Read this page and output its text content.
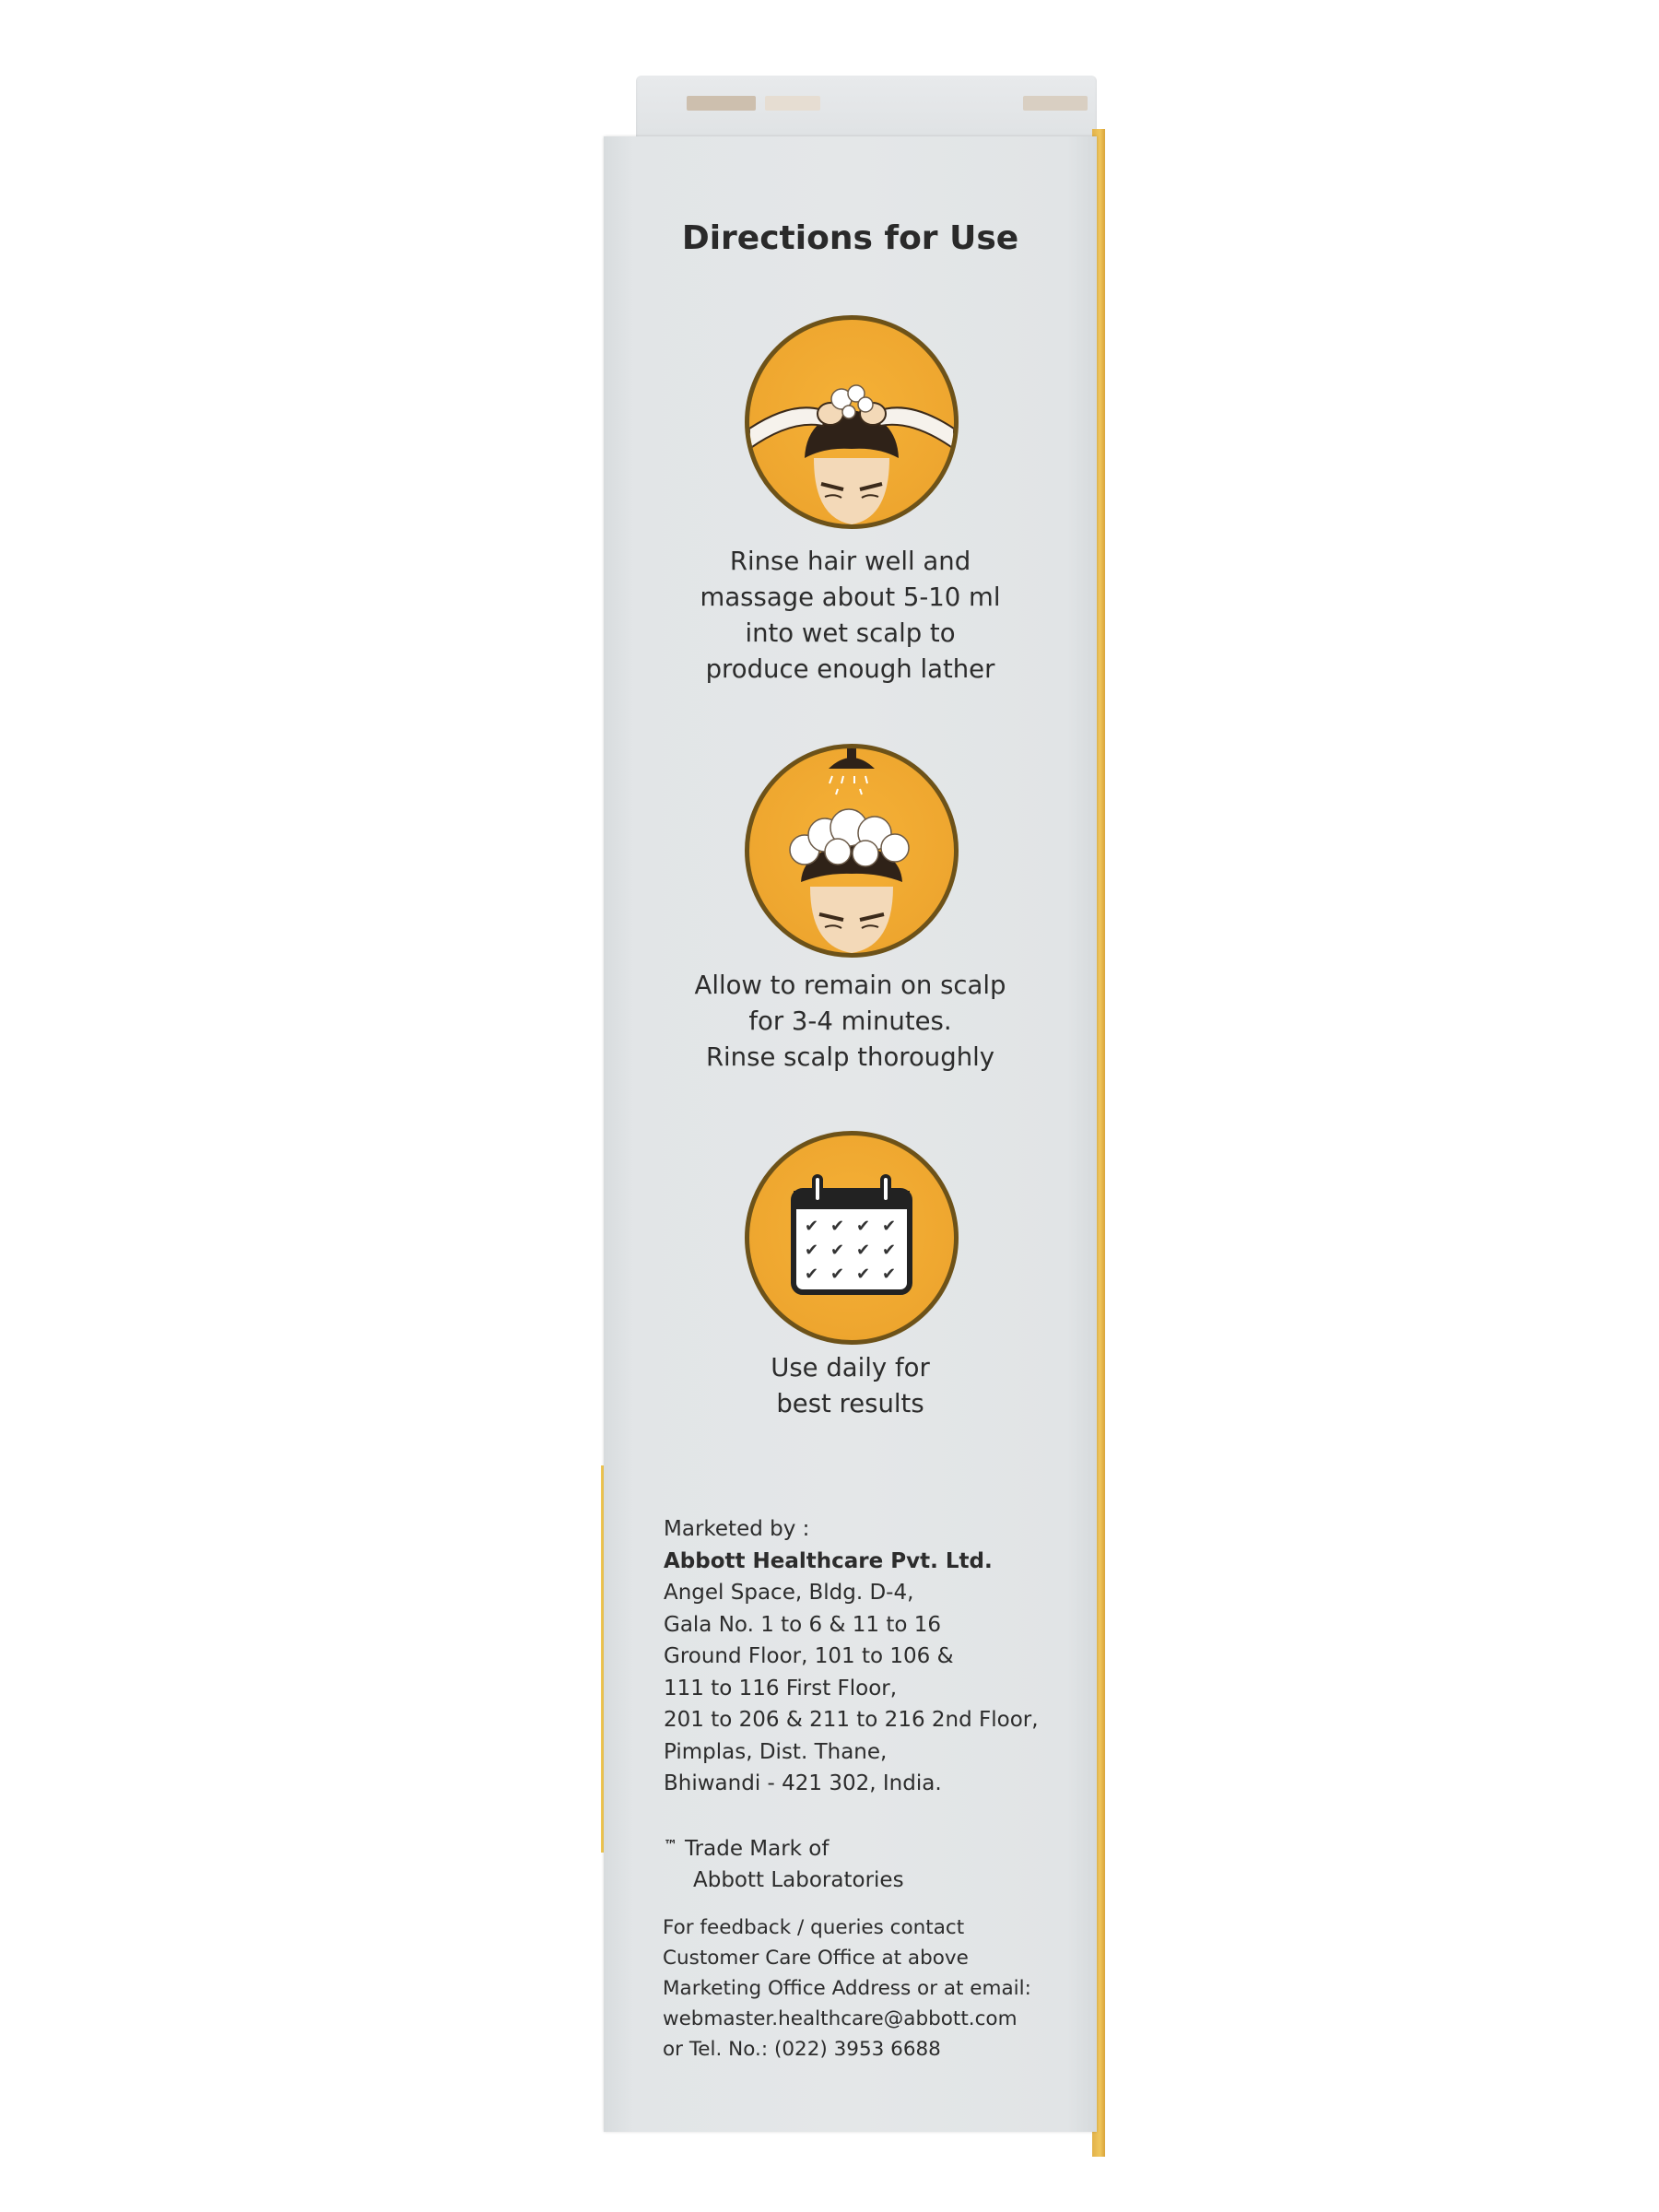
Directions for Use
Rinse hair well and
massage about 5-10 ml
into wet scalp to
produce enough lather
Allow to remain on scalp
for 3-4 minutes.
Rinse scalp thoroughly
✔ ✔ ✔ ✔
✔ ✔ ✔ ✔
✔ ✔ ✔ ✔
Use daily for
best results
Marketed by :
Abbott Healthcare Pvt. Ltd.
Angel Space, Bldg. D-4,
Gala No. 1 to 6 & 11 to 16
Ground Floor, 101 to 106 &
111 to 116 First Floor,
201 to 206 & 211 to 216 2nd Floor,
Pimplas, Dist. Thane,
Bhiwandi - 421 302, India.
™ Trade Mark of
Abbott Laboratories
For feedback / queries contact
Customer Care Office at above
Marketing Office Address or at email:
webmaster.healthcare@abbott.com
or Tel. No.: (022) 3953 6688
